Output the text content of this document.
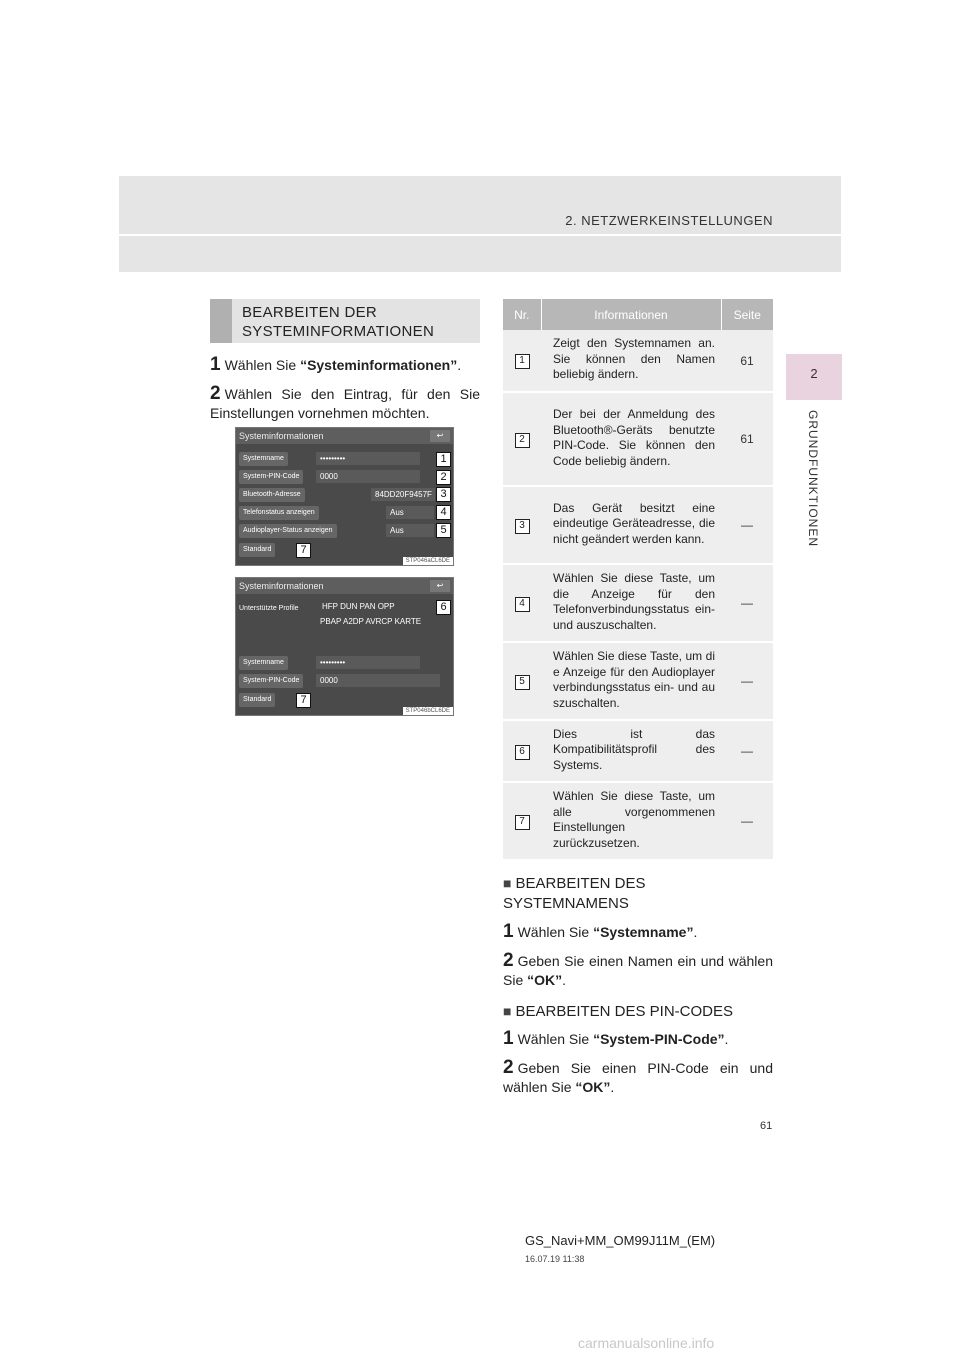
2. NETZWERKEINSTELLUNGEN
2
GRUNDFUNKTIONEN
BEARBEITEN DER SYSTEMINFORMATIONEN
1 Wählen Sie “Systeminformationen”.
2 Wählen Sie den Eintrag, für den Sie Einstellungen vornehmen möchten.
Systeminformationen	↩
Systemname	•••••••••
System-PIN-Code	0000
Bluetooth-Adresse	84DD20F9457F
Telefonstatus anzeigen	Aus
Audioplayer-Status anzeigen	Aus
Standard
STP046aCL6DE
1
2
3
4
5
7
Systeminformationen	↩
Unterstützte Profile	HFP DUN PAN OPP
PBAP A2DP AVRCP KARTE
Systemname	•••••••••
System-PIN-Code	0000
Standard
STP046bCL6DE
6
7
Nr.	Informationen	Seite
1	Zeigt den Systemnamen an. Sie können den Namen beliebig ändern.	61
2	Der bei der Anmeldung des Bluetooth®-Geräts benutzte PIN-Code. Sie können den Code beliebig ändern.	61
3	Das Gerät besitzt eine eindeutige Geräteadresse, die nicht geändert werden kann.	—
4	Wählen Sie diese Taste, um die Anzeige für den Telefonverbindungsstatus ein- und auszuschalten.	—
5	Wählen Sie diese Taste, um die Anzeige für den Audioplayerverbindungsstatus ein- und auszuschalten.	—
6	Dies ist das Kompatibilitätsprofil des Systems.	—
7	Wählen Sie diese Taste, um alle vorgenommenen Einstellungen zurückzusetzen.	—
■ BEARBEITEN DES SYSTEMNAMENS
1 Wählen Sie “Systemname”.
2 Geben Sie einen Namen ein und wählen Sie “OK”.
■ BEARBEITEN DES PIN-CODES
1 Wählen Sie “System-PIN-Code”.
2 Geben Sie einen PIN-Code ein und wählen Sie “OK”.
61
GS_Navi+MM_OM99J11M_(EM)
16.07.19 11:38
carmanualsonline.info
